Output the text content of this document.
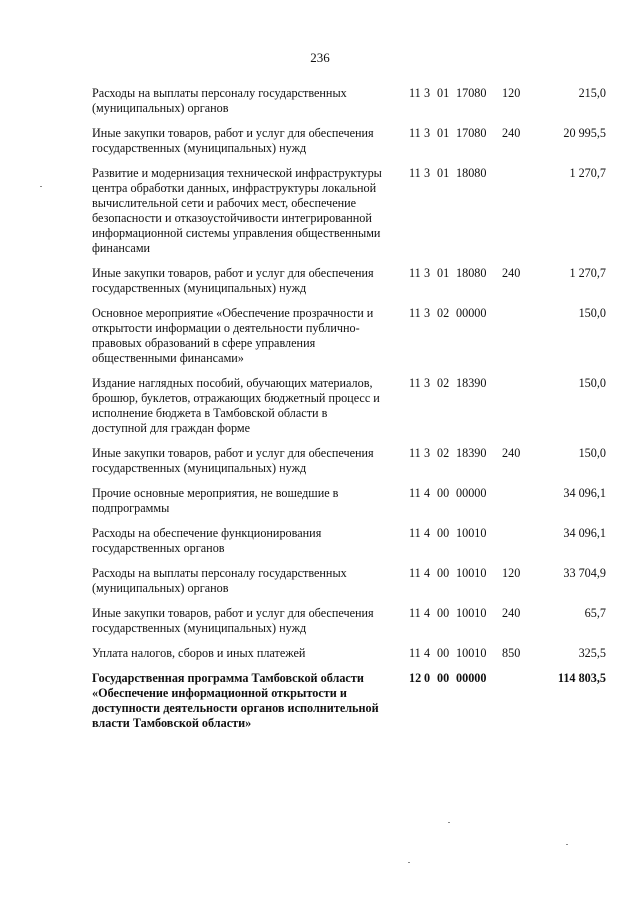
236
Расходы на выплаты персоналу государственных (муниципальных) органов
11 3 01 17080 120	215,0
Иные закупки товаров, работ и услуг для обеспечения государственных (муниципальных) нужд
11 3 01 17080 240	20 995,5
Развитие и модернизация технической инфраструктуры центра обработки данных, инфраструктуры локальной вычислительной сети и рабочих мест, обеспечение безопасности и отказоустойчивости интегрированной информационной системы управления общественными финансами
11 3 01 18080	1 270,7
Иные закупки товаров, работ и услуг для обеспечения государственных (муниципальных) нужд
11 3 01 18080 240	1 270,7
Основное мероприятие «Обеспечение прозрачности и открытости информации о деятельности публично-правовых образований в сфере управления общественными финансами»
11 3 02 00000	150,0
Издание наглядных пособий, обучающих материалов, брошюр, буклетов, отражающих бюджетный процесс и исполнение бюджета в Тамбовской области в доступной для граждан форме
11 3 02 18390	150,0
Иные закупки товаров, работ и услуг для обеспечения государственных (муниципальных) нужд
11 3 02 18390 240	150,0
Прочие основные мероприятия, не вошедшие в подпрограммы
11 4 00 00000	34 096,1
Расходы на обеспечение функционирования государственных органов
11 4 00 10010	34 096,1
Расходы на выплаты персоналу государственных (муниципальных) органов
11 4 00 10010 120	33 704,9
Иные закупки товаров, работ и услуг для обеспечения государственных (муниципальных) нужд
11 4 00 10010 240	65,7
Уплата налогов, сборов и иных платежей	11 4 00 10010 850	325,5
Государственная программа Тамбовской области «Обеспечение информационной открытости и доступности деятельности органов исполнительной власти Тамбовской области»
12 0 00 00000	114 803,5
